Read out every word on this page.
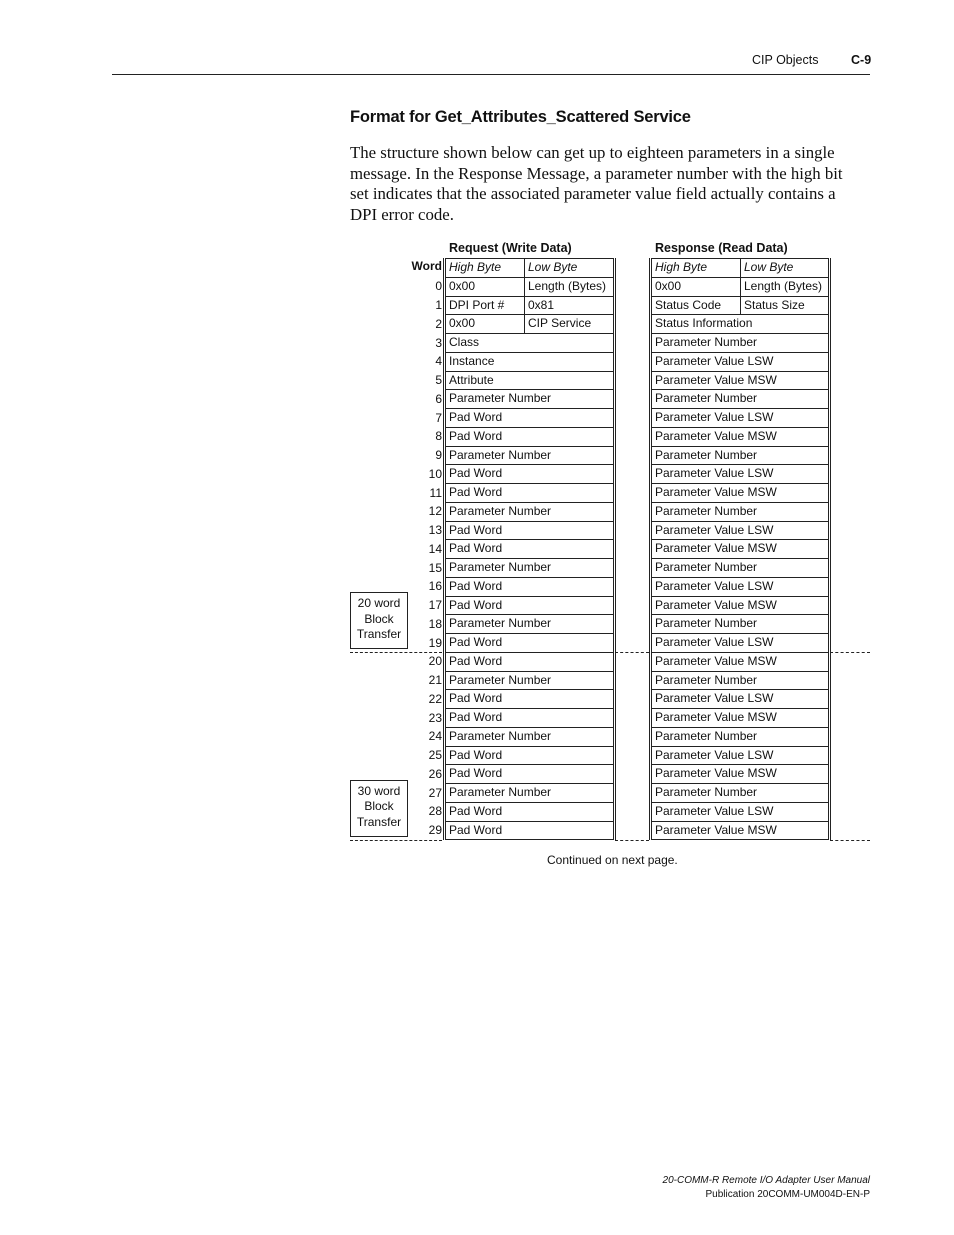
CIP Objects	C-9
Format for Get_Attributes_Scattered Service
The structure shown below can get up to eighteen parameters in a single
message. In the Response Message, a parameter number with the high bit
set indicates that the associated parameter value field actually contains a
DPI error code.
Request (Write Data)	Response (Read Data)
Word High Byte	Low Byte	High Byte	Low Byte
0 0x00	Length (Bytes)	0x00	Length (Bytes)
1 DPI Port #	0x81	Status Code	Status Size
2 0x00	CIP Service	Status Information
3 Class	Parameter Number
4 Instance	Parameter Value LSW
5 Attribute	Parameter Value MSW
6 Parameter Number	Parameter Number
7 Pad Word	Parameter Value LSW
8 Pad Word	Parameter Value MSW
9 Parameter Number	Parameter Number
10 Pad Word	Parameter Value LSW
11 Pad Word	Parameter Value MSW
12 Parameter Number	Parameter Number
13 Pad Word	Parameter Value LSW
14 Pad Word	Parameter Value MSW
15 Parameter Number	Parameter Number
16 Pad Word	Parameter Value LSW
17 Pad Word	Parameter Value MSW
18 Parameter Number	Parameter Number
19 Pad Word	Parameter Value LSW
20 Pad Word	Parameter Value MSW
21 Parameter Number	Parameter Number
22 Pad Word	Parameter Value LSW
23 Pad Word	Parameter Value MSW
24 Parameter Number	Parameter Number
25 Pad Word	Parameter Value LSW
26 Pad Word	Parameter Value MSW
27 Parameter Number	Parameter Number
28 Pad Word	Parameter Value LSW
29 Pad Word	Parameter Value MSW
20 word
Block
Transfer
30 word
Block
Transfer
Continued on next page.
20-COMM-R Remote I/O Adapter User Manual
Publication 20COMM-UM004D-EN-P
